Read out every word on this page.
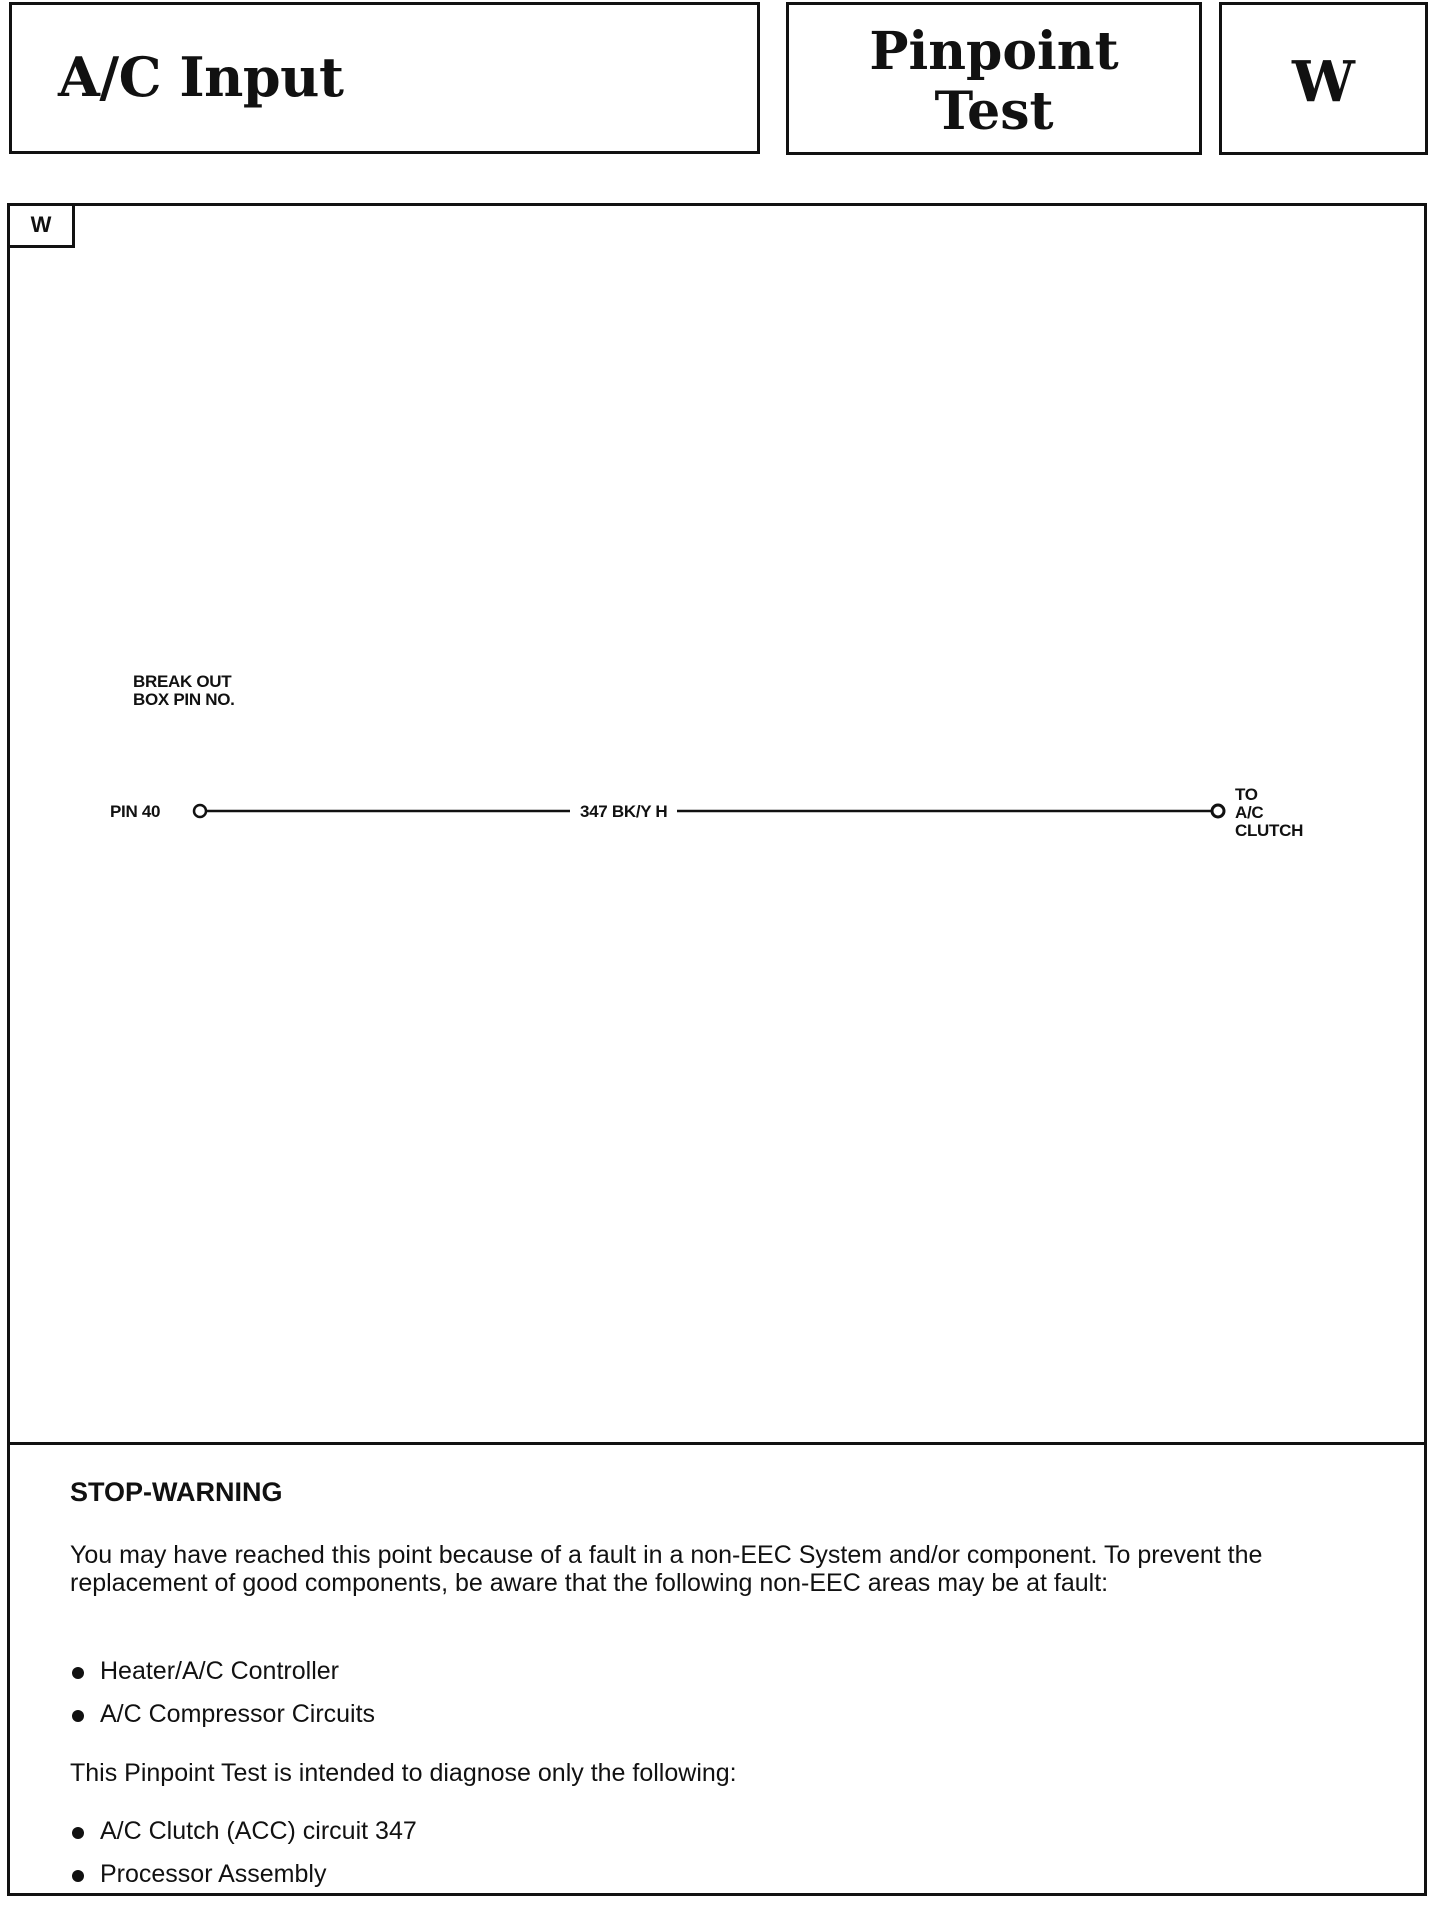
A/C Input	Pinpoint
Test	W
W
BREAK OUT
BOX PIN NO.
PIN 40	347 BK/Y H
TO
A/C
CLUTCH
STOP-WARNING
You may have reached this point because of a fault in a non-EEC System and/or component. To prevent the replacement of good components, be aware that the following non-EEC areas may be at fault:
Heater/A/C Controller
A/C Compressor Circuits
This Pinpoint Test is intended to diagnose only the following:
A/C Clutch (ACC) circuit 347
Processor Assembly
